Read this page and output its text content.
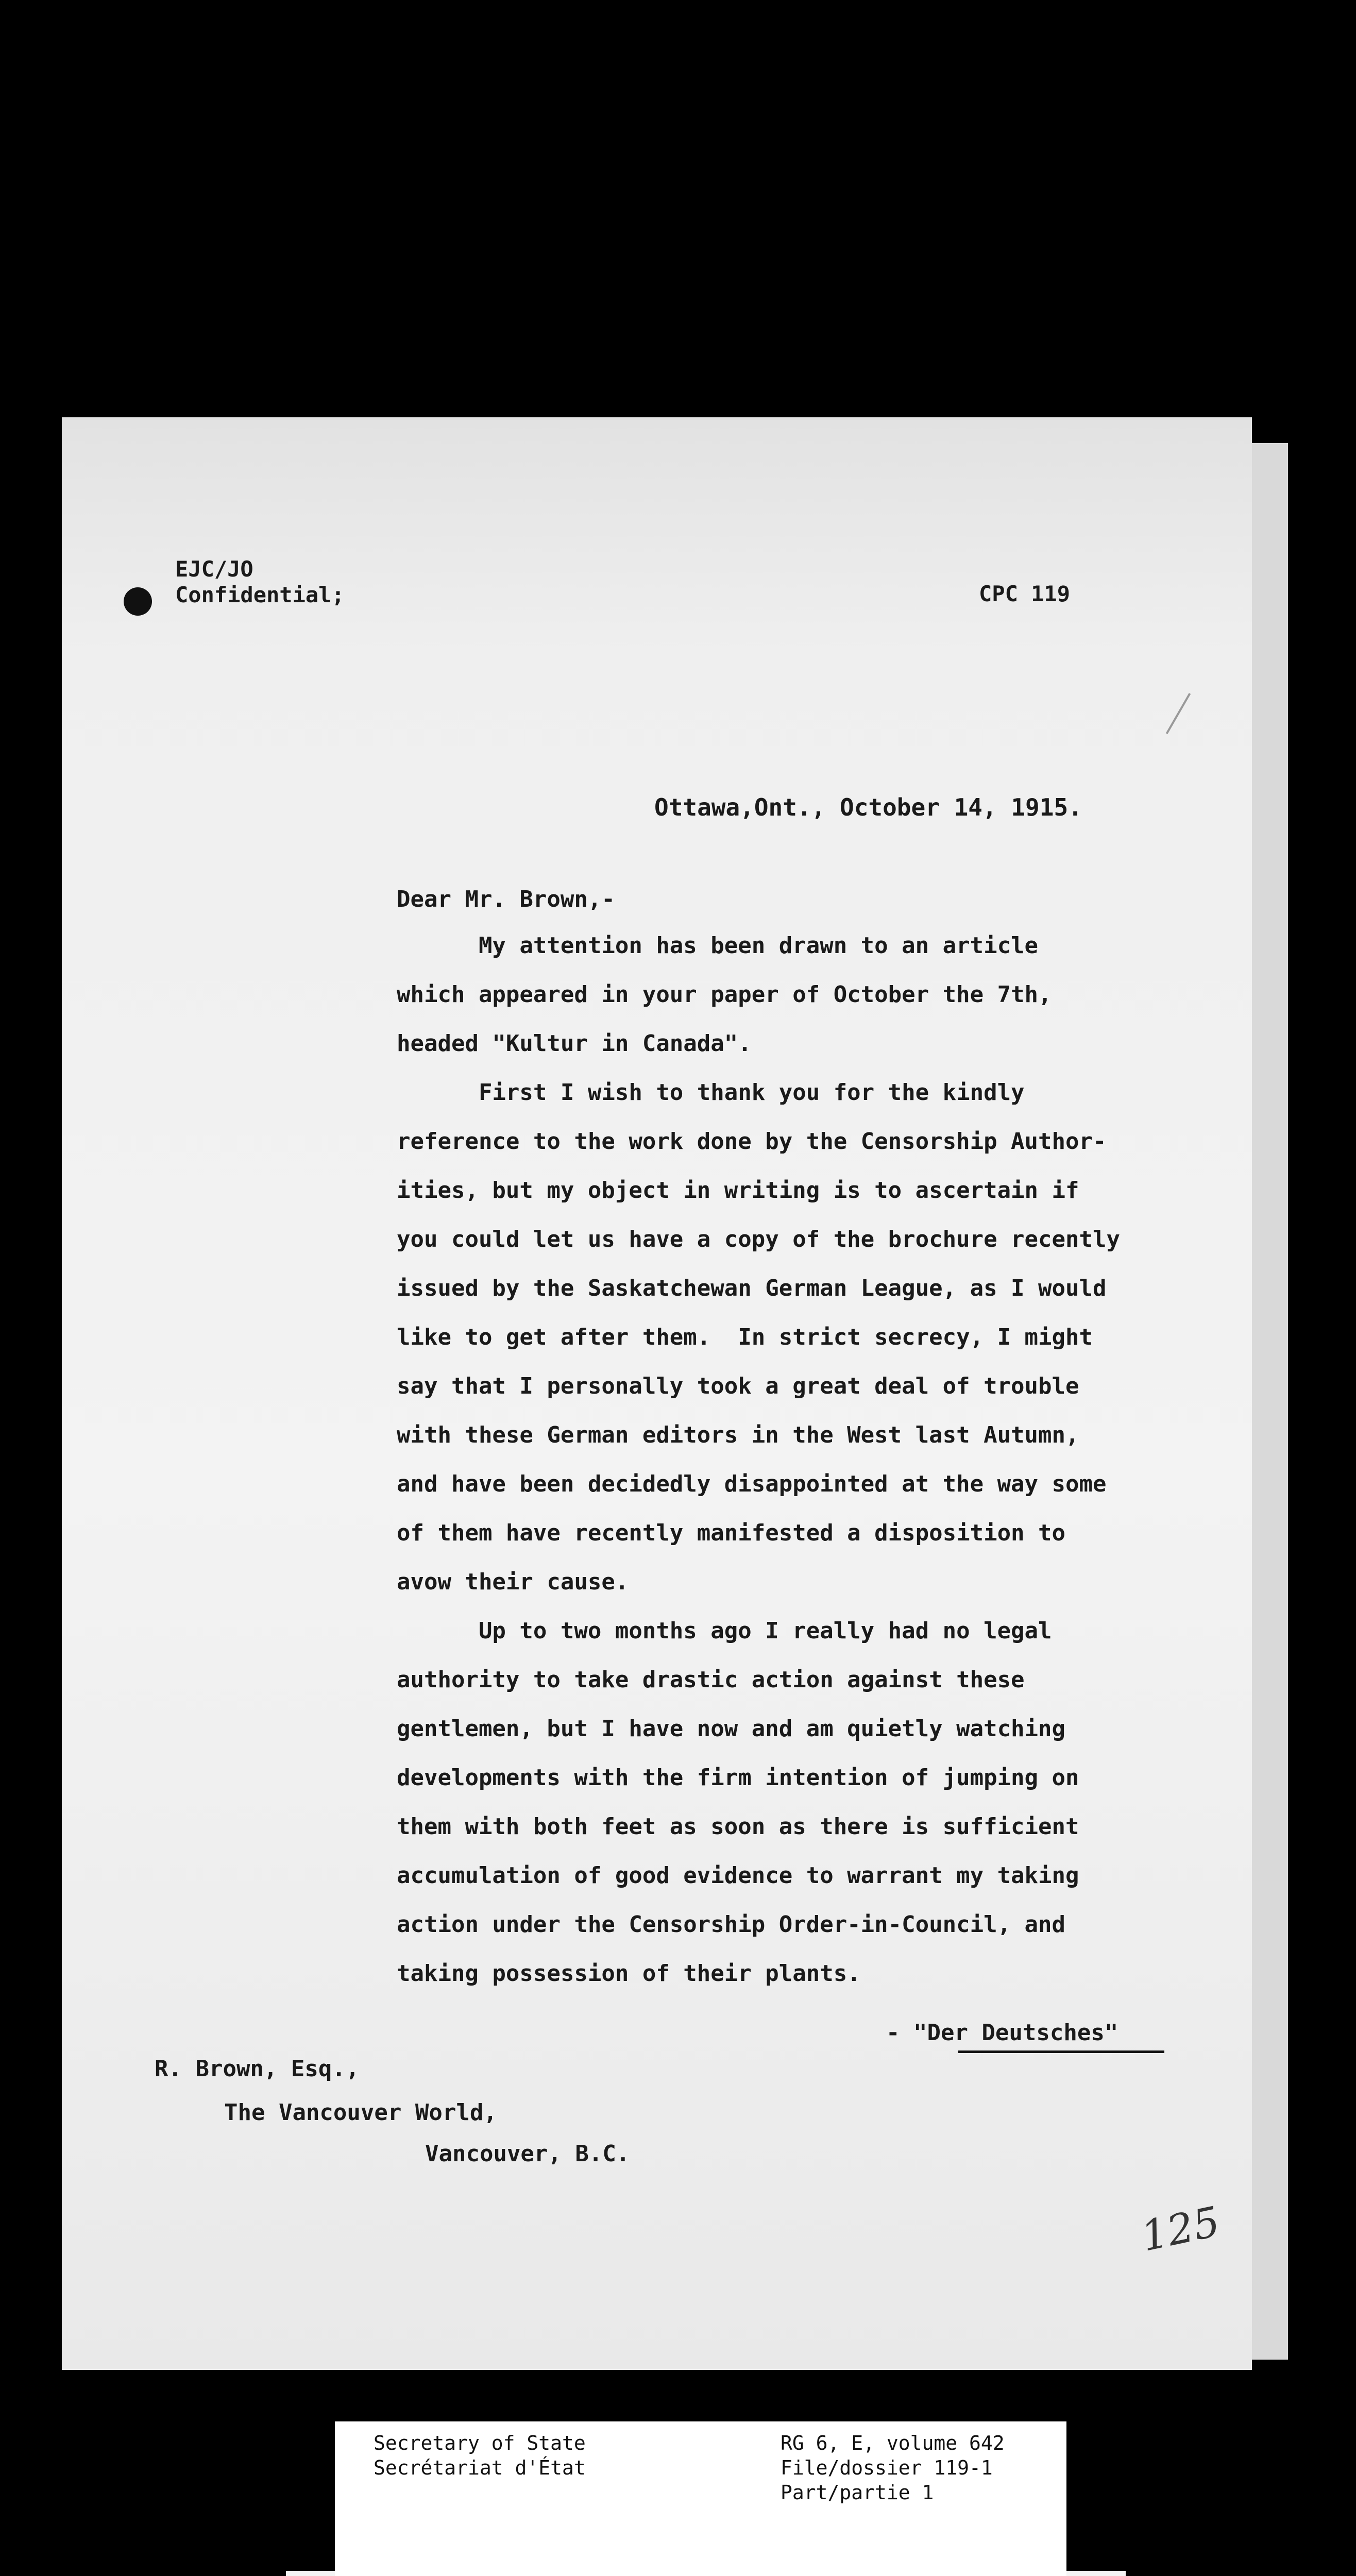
EJC/JO
Confidential;	CPC 119
Ottawa,Ont., October 14, 1915.
Dear Mr. Brown,-
My attention has been drawn to an article
which appeared in your paper of October the 7th,
headed "Kultur in Canada".
First I wish to thank you for the kindly
reference to the work done by the Censorship Author-
ities, but my object in writing is to ascertain if
you could let us have a copy of the brochure recently
issued by the Saskatchewan German League, as I would
like to get after them.  In strict secrecy, I might
say that I personally took a great deal of trouble
with these German editors in the West last Autumn,
and have been decidedly disappointed at the way some
of them have recently manifested a disposition to
avow their cause.
Up to two months ago I really had no legal
authority to take drastic action against these
gentlemen, but I have now and am quietly watching
developments with the firm intention of jumping on
them with both feet as soon as there is sufficient
accumulation of good evidence to warrant my taking
action under the Censorship Order-in-Council, and
taking possession of their plants.
- "Der Deutsches"
R. Brown, Esq.,
The Vancouver World,
Vancouver, B.C.
125
Secretary of State
Secrétariat d'État
RG 6, E, volume 642
File/dossier 119-1
Part/partie 1
